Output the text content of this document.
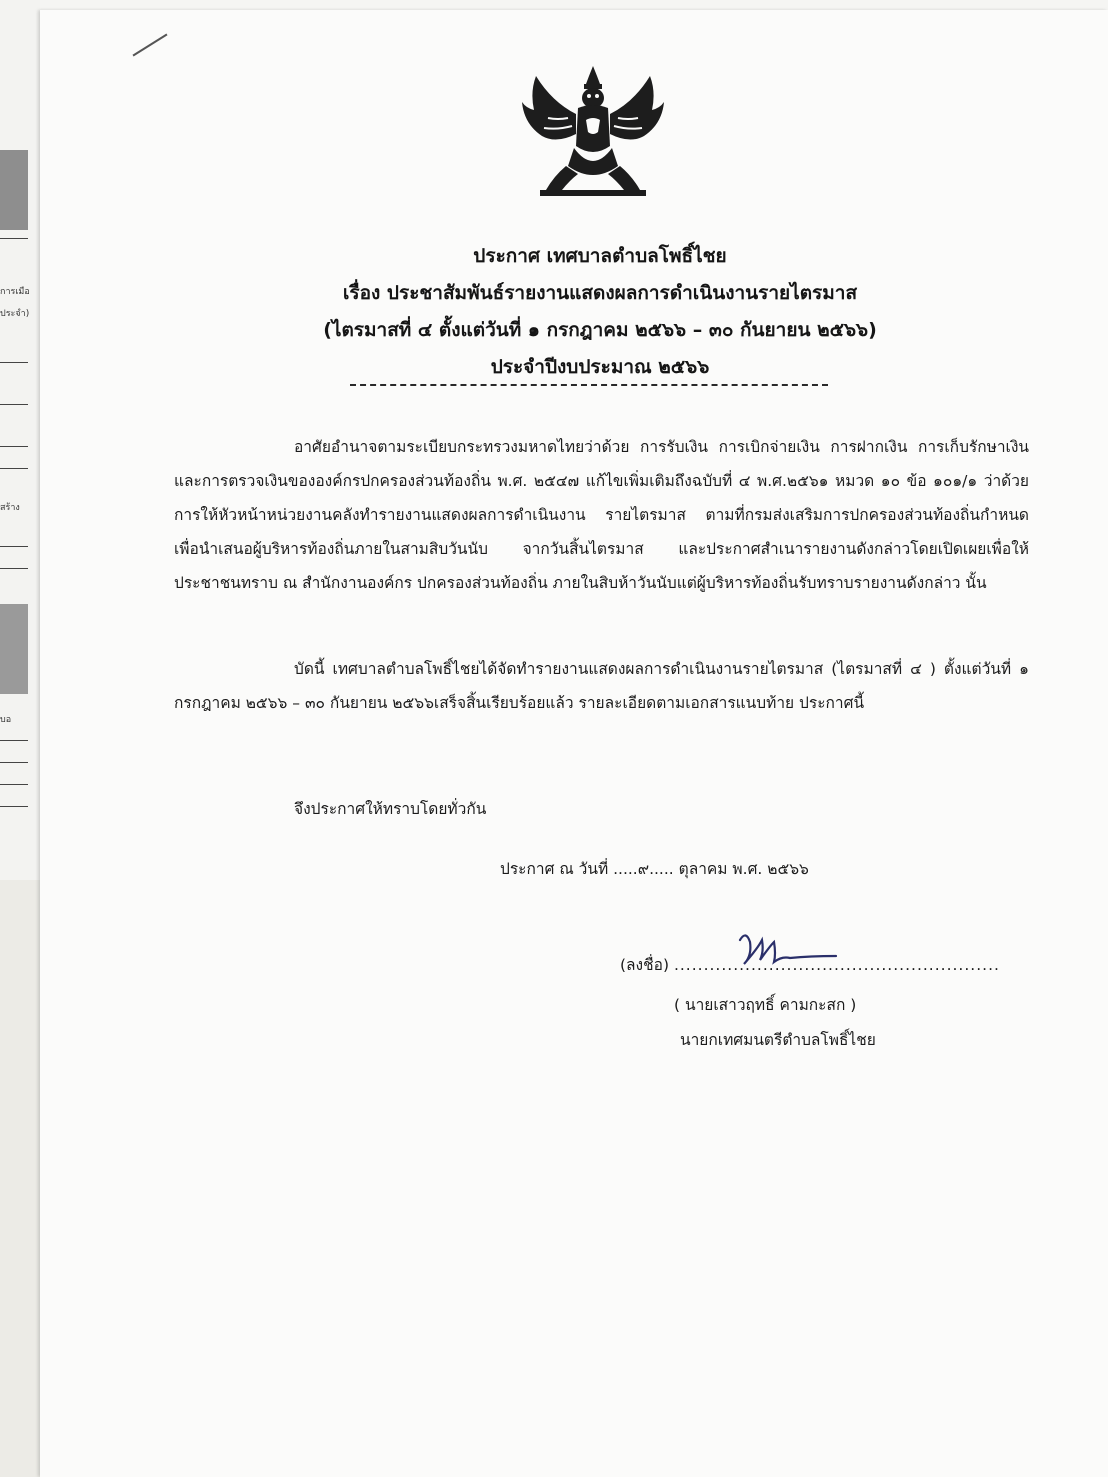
การเมือ
ประจำ)
สร้าง
บอ
ประกาศ เทศบาลตำบลโพธิ์ไชย
เรื่อง ประชาสัมพันธ์รายงานแสดงผลการดำเนินงานรายไตรมาส
(ไตรมาสที่ ๔ ตั้งแต่วันที่ ๑ กรกฎาคม ๒๕๖๖ – ๓๐ กันยายน ๒๕๖๖)
ประจำปีงบประมาณ ๒๕๖๖

อาศัยอำนาจตามระเบียบกระทรวงมหาดไทยว่าด้วย การรับเงิน การเบิกจ่ายเงิน การฝากเงิน การเก็บรักษาเงินและการตรวจเงินขององค์กรปกครองส่วนท้องถิ่น พ.ศ. ๒๕๔๗ แก้ไขเพิ่มเติมถึงฉบับที่ ๔ พ.ศ.๒๕๖๑ หมวด ๑๐ ข้อ ๑๐๑/๑ ว่าด้วยการให้หัวหน้าหน่วยงานคลังทำรายงานแสดงผลการดำเนินงาน รายไตรมาส ตามที่กรมส่งเสริมการปกครองส่วนท้องถิ่นกำหนด เพื่อนำเสนอผู้บริหารท้องถิ่นภายในสามสิบวันนับ จากวันสิ้นไตรมาส และประกาศสำเนารายงานดังกล่าวโดยเปิดเผยเพื่อให้ประชาชนทราบ ณ สำนักงานองค์กร ปกครองส่วนท้องถิ่น ภายในสิบห้าวันนับแต่ผู้บริหารท้องถิ่นรับทราบรายงานดังกล่าว นั้น

บัดนี้ เทศบาลตำบลโพธิ์ไชยได้จัดทำรายงานแสดงผลการดำเนินงานรายไตรมาส (ไตรมาสที่ ๔ ) ตั้งแต่วันที่ ๑ กรกฎาคม ๒๕๖๖ – ๓๐ กันยายน ๒๕๖๖เสร็จสิ้นเรียบร้อยแล้ว รายละเอียดตามเอกสารแนบท้าย ประกาศนี้

จึงประกาศให้ทราบโดยทั่วกัน
ประกาศ ณ วันที่ .....๙..... ตุลาคม พ.ศ. ๒๕๖๖
(ลงชื่อ) .......................................................
( นายเสาวฤทธิ์ คามกะสก )
นายกเทศมนตรีตำบลโพธิ์ไชย
